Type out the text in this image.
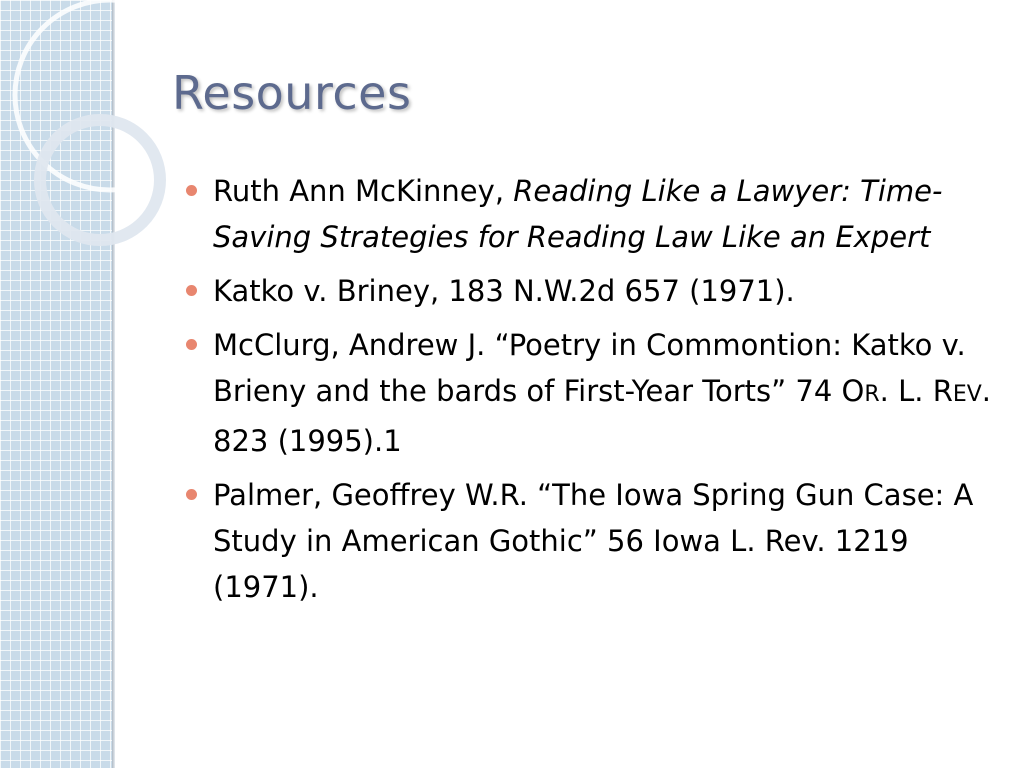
Resources
Ruth Ann McKinney, Reading Like a Lawyer: Time-Saving Strategies for Reading Law Like an Expert
Katko v. Briney, 183 N.W.2d 657 (1971).
McClurg, Andrew J. “Poetry in Commontion: Katko v. Brieny and the bards of First-Year Torts” 74 OR. L. REV. 823 (1995).1
Palmer, Geoffrey W.R. “The Iowa Spring Gun Case: A Study in American Gothic” 56 Iowa L. Rev. 1219 (1971).
